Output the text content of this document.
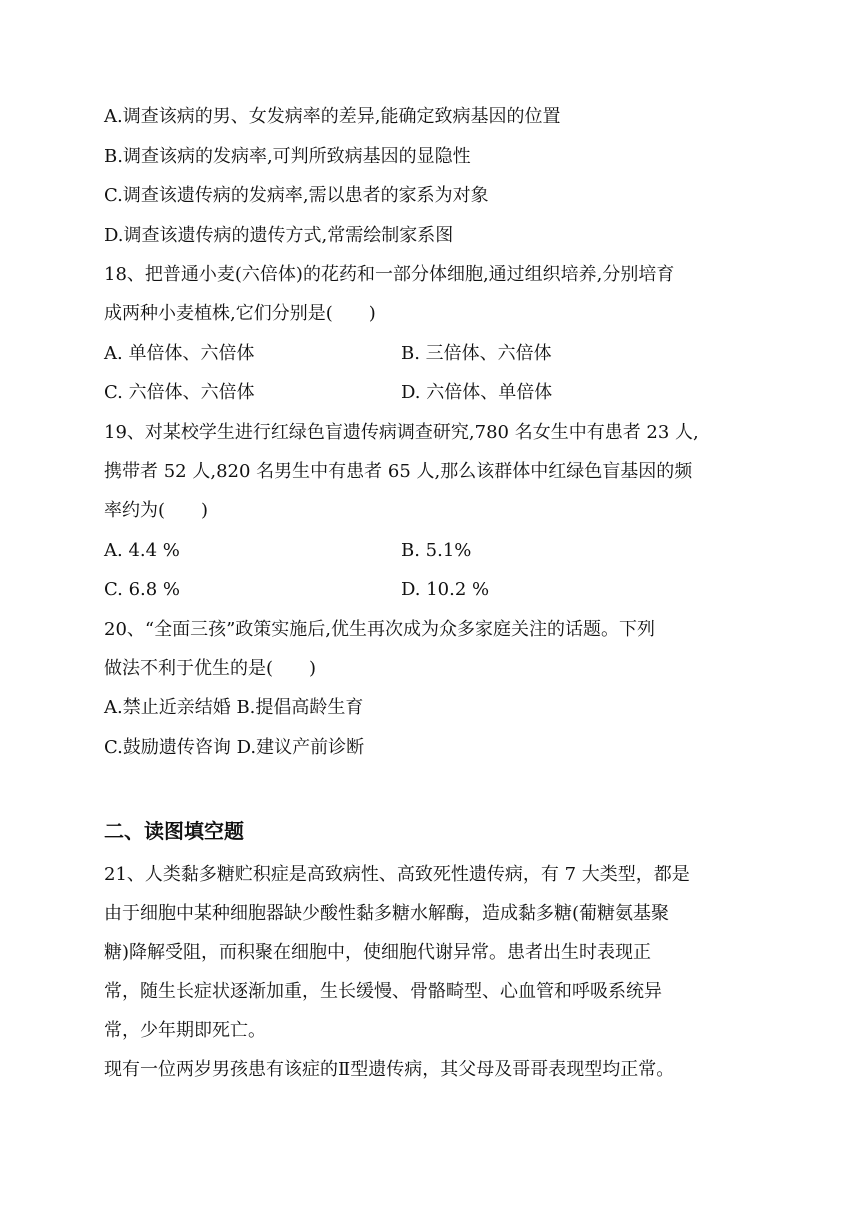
A.调查该病的男、女发病率的差异,能确定致病基因的位置
B.调查该病的发病率,可判所致病基因的显隐性
C.调查该遗传病的发病率,需以患者的家系为对象
D.调查该遗传病的遗传方式,常需绘制家系图
18、把普通小麦(六倍体)的花药和一部分体细胞,通过组织培养,分别培育
成两种小麦植株,它们分别是(　　)
A. 单倍体、六倍体	B. 三倍体、六倍体
C. 六倍体、六倍体	D. 六倍体、单倍体
19、对某校学生进行红绿色盲遗传病调查研究,780 名女生中有患者 23 人,
携带者 52 人,820 名男生中有患者 65 人,那么该群体中红绿色盲基因的频
率约为(　　)
A. 4.4 %	B. 5.1%
C. 6.8 %	D. 10.2 %
20、“全面三孩”政策实施后,优生再次成为众多家庭关注的话题。下列
做法不利于优生的是(　　)
A.禁止近亲结婚 B.提倡高龄生育
C.鼓励遗传咨询 D.建议产前诊断
二、读图填空题
21、人类黏多糖贮积症是高致病性、高致死性遗传病，有 7 大类型，都是
由于细胞中某种细胞器缺少酸性黏多糖水解酶，造成黏多糖(葡糖氨基聚
糖)降解受阻，而积聚在细胞中，使细胞代谢异常。患者出生时表现正
常，随生长症状逐渐加重，生长缓慢、骨骼畸型、心血管和呼吸系统异
常，少年期即死亡。
现有一位两岁男孩患有该症的Ⅱ型遗传病，其父母及哥哥表现型均正常。
